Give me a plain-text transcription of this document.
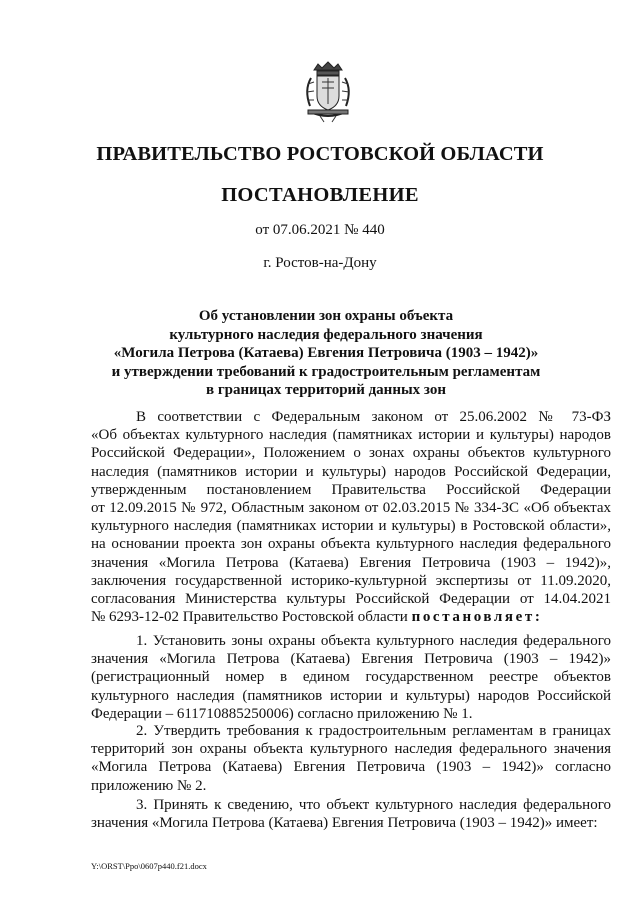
ПРАВИТЕЛЬСТВО РОСТОВСКОЙ ОБЛАСТИ
ПОСТАНОВЛЕНИЕ
от 07.06.2021 № 440
г. Ростов-на-Дону
Об установлении зон охраны объекта
культурного наследия федерального значения
«Могила Петрова (Катаева) Евгения Петровича (1903 – 1942)»
и утверждении требований к градостроительным регламентам
в границах территорий данных зон
В соответствии с Федеральным законом от 25.06.2002 № 73-ФЗ
«Об объектах культурного наследия (памятниках истории и культуры) народов
Российской Федерации», Положением о зонах охраны объектов культурного
наследия (памятников истории и культуры) народов Российской Федерации,
утвержденным постановлением Правительства Российской Федерации
от 12.09.2015 № 972, Областным законом от 02.03.2015 № 334-ЗС «Об объектах
культурного наследия (памятниках истории и культуры) в Ростовской области»,
на основании проекта зон охраны объекта культурного наследия федерального
значения «Могила Петрова (Катаева) Евгения Петровича (1903 – 1942)»,
заключения государственной историко-культурной экспертизы от 11.09.2020,
согласования Министерства культуры Российской Федерации от 14.04.2021
№ 6293-12-02 Правительство Ростовской области постановляет:
1. Установить зоны охраны объекта культурного наследия федерального
значения «Могила Петрова (Катаева) Евгения Петровича (1903 – 1942)»
(регистрационный номер в едином государственном реестре объектов
культурного наследия (памятников истории и культуры) народов Российской
Федерации – 611710885250006) согласно приложению № 1.
2. Утвердить требования к градостроительным регламентам в границах
территорий зон охраны объекта культурного наследия федерального значения
«Могила Петрова (Катаева) Евгения Петровича (1903 – 1942)» согласно
приложению № 2.
3. Принять к сведению, что объект культурного наследия федерального
значения «Могила Петрова (Катаева) Евгения Петровича (1903 – 1942)» имеет:
Y:\ORST\Ppo\0607p440.f21.docx
